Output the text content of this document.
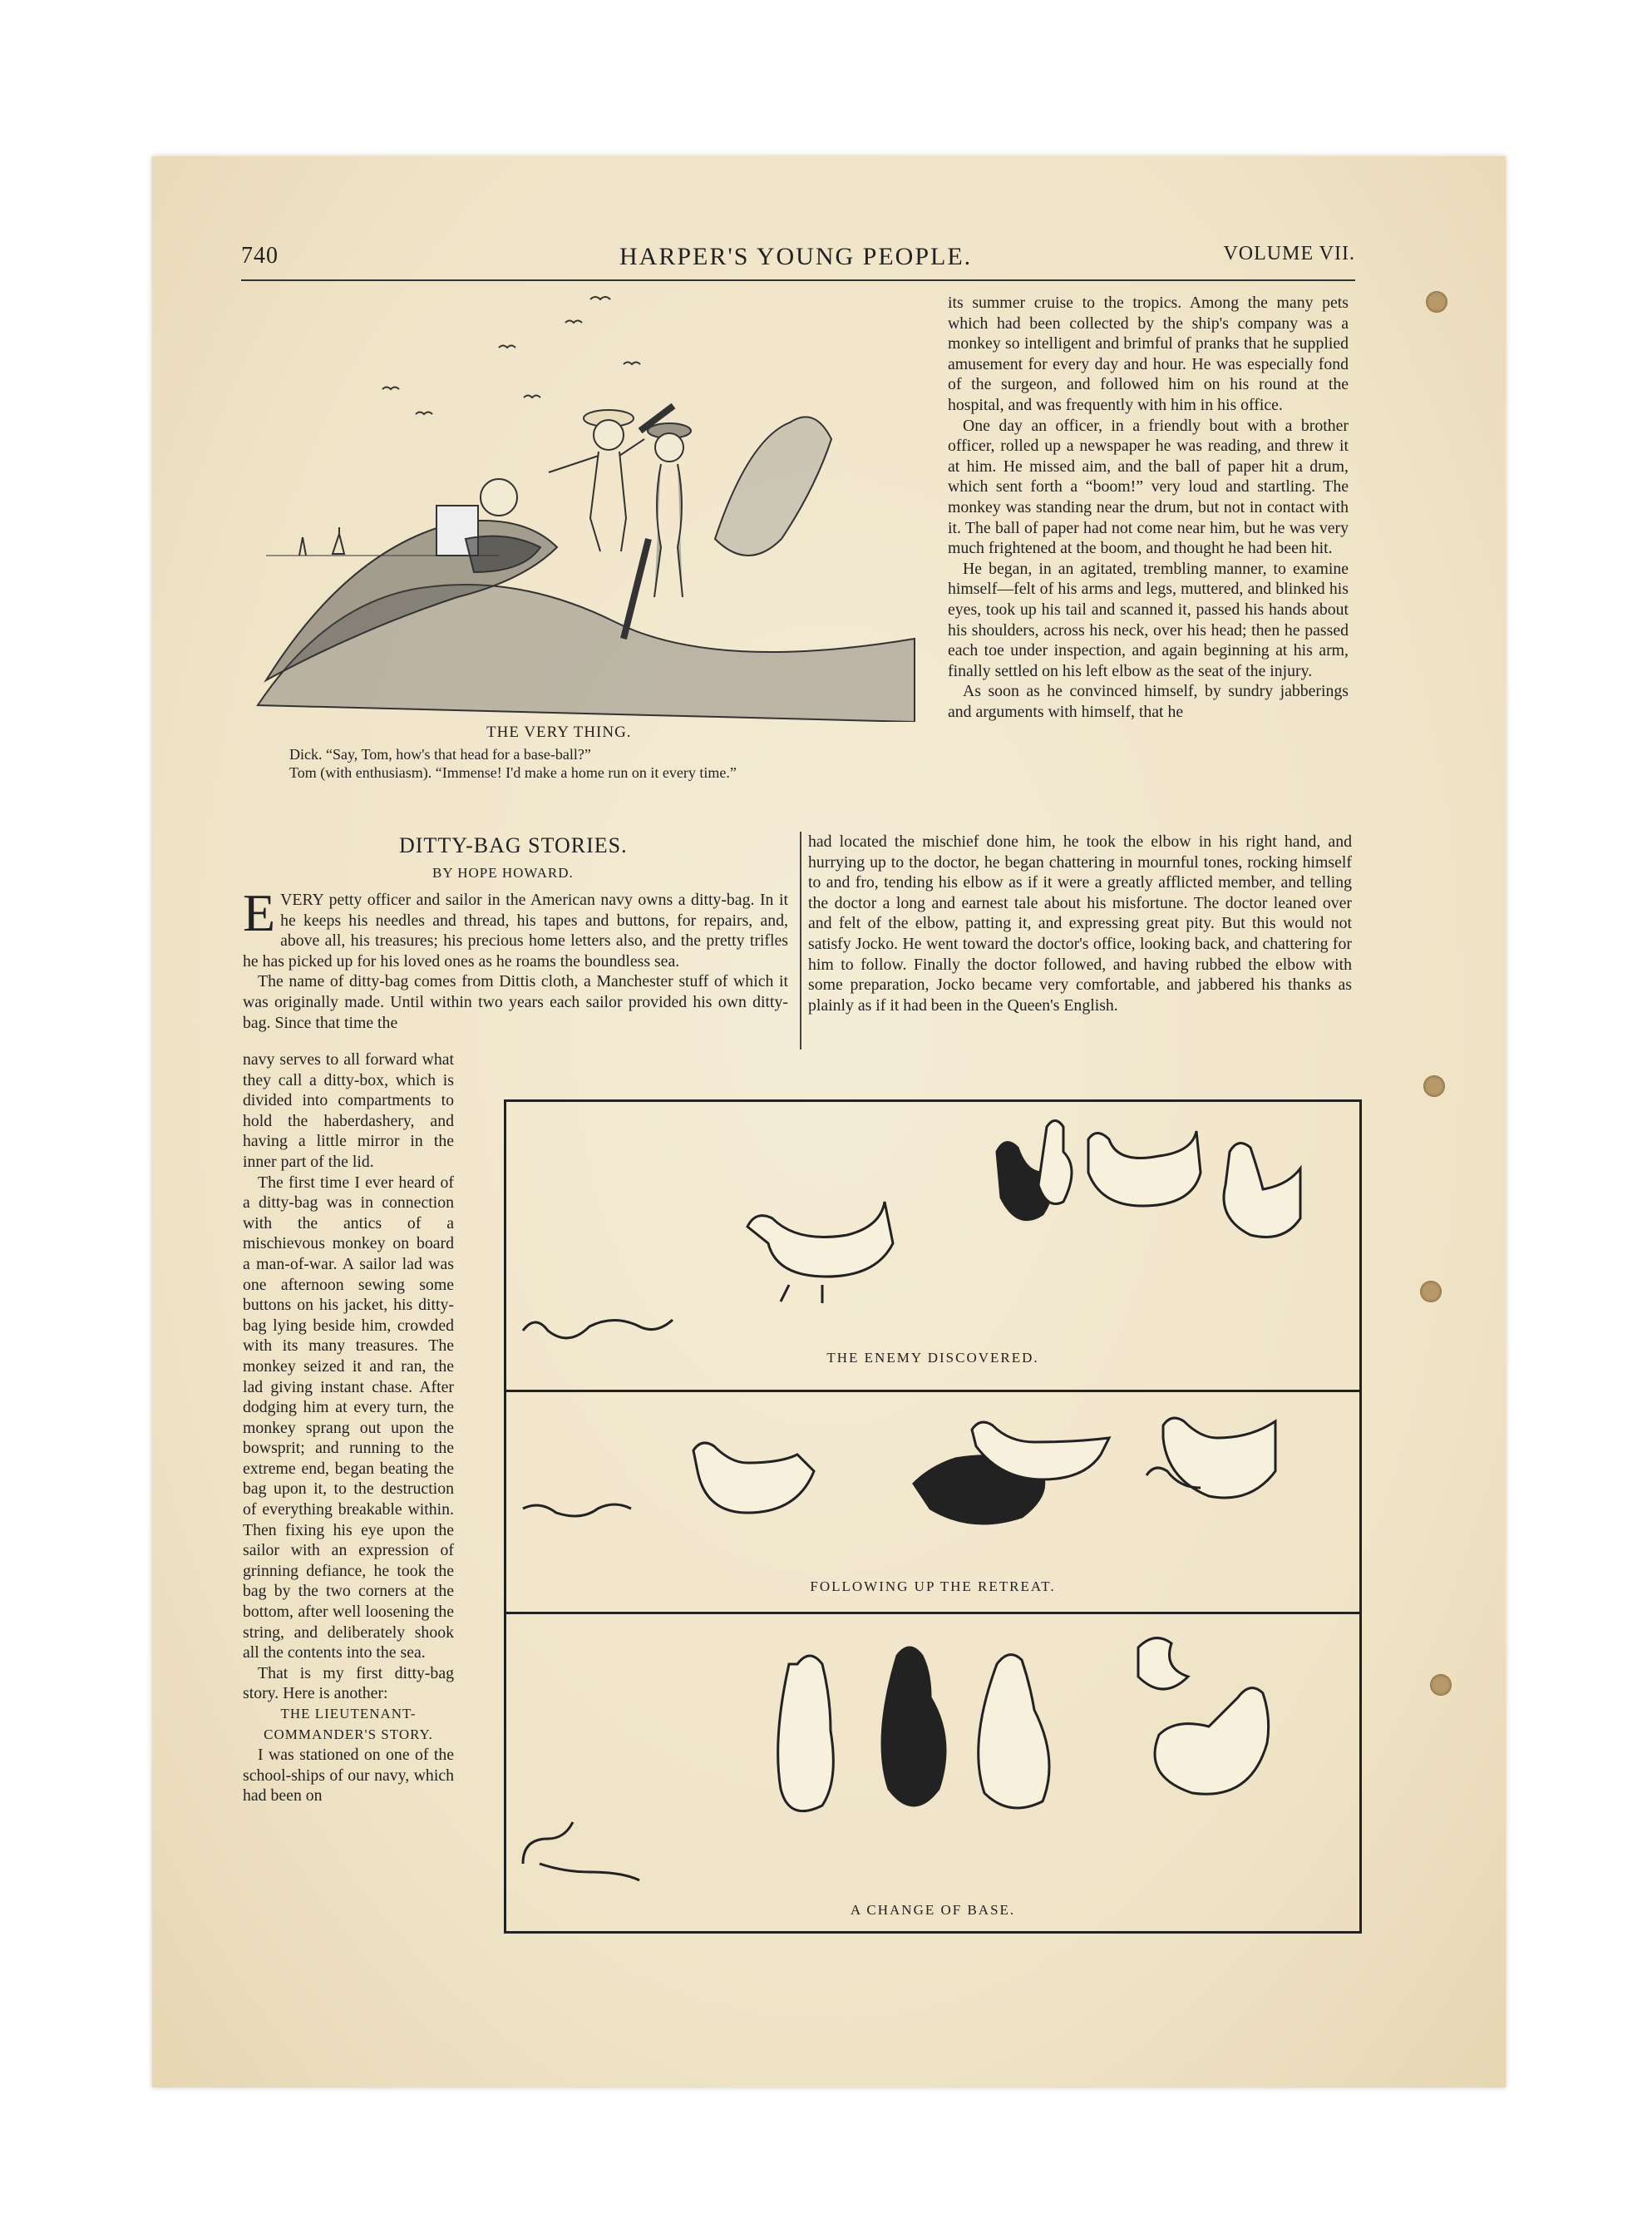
740	HARPER'S YOUNG PEOPLE.	VOLUME VII.
THE VERY THING.
Dick. “Say, Tom, how's that head for a base-ball?”
Tom (with enthusiasm). “Immense! I'd make a home run on it every time.”

its summer cruise to the tropics. Among the many pets which had been collected by the ship's company was a monkey so intelligent and brimful of pranks that he supplied amusement for every day and hour. He was especially fond of the surgeon, and followed him on his round at the hospital, and was frequently with him in his office.

One day an officer, in a friendly bout with a brother officer, rolled up a newspaper he was reading, and threw it at him. He missed aim, and the ball of paper hit a drum, which sent forth a “boom!” very loud and startling. The monkey was standing near the drum, but not in contact with it. The ball of paper had not come near him, but he was very much frightened at the boom, and thought he had been hit.

He began, in an agitated, trembling manner, to examine himself—felt of his arms and legs, muttered, and blinked his eyes, took up his tail and scanned it, passed his hands about his shoulders, across his neck, over his head; then he passed each toe under inspection, and again beginning at his arm, finally settled on his left elbow as the seat of the injury.

As soon as he convinced himself, by sundry jabberings and arguments with himself, that he

DITTY-BAG STORIES.
BY HOPE HOWARD.

EVERY petty officer and sailor in the American navy owns a ditty-bag. In it he keeps his needles and thread, his tapes and buttons, for repairs, and, above all, his treasures; his precious home letters also, and the pretty trifles he has picked up for his loved ones as he roams the boundless sea.

The name of ditty-bag comes from Dittis cloth, a Manchester stuff of which it was originally made. Until within two years each sailor provided his own ditty-bag. Since that time the

had located the mischief done him, he took the elbow in his right hand, and hurrying up to the doctor, he began chattering in mournful tones, rocking himself to and fro, tending his elbow as if it were a greatly afflicted member, and telling the doctor a long and earnest tale about his misfortune. The doctor leaned over and felt of the elbow, patting it, and expressing great pity. But this would not satisfy Jocko. He went toward the doctor's office, looking back, and chattering for him to follow. Finally the doctor followed, and having rubbed the elbow with some preparation, Jocko became very comfortable, and jabbered his thanks as plainly as if it had been in the Queen's English.

navy serves to all forward what they call a ditty-box, which is divided into compartments to hold the haberdashery, and having a little mirror in the inner part of the lid.

The first time I ever heard of a ditty-bag was in connection with the antics of a mischievous monkey on board a man-of-war. A sailor lad was one afternoon sewing some buttons on his jacket, his ditty-bag lying beside him, crowded with its many treasures. The monkey seized it and ran, the lad giving instant chase. After dodging him at every turn, the monkey sprang out upon the bowsprit; and running to the extreme end, began beating the bag upon it, to the destruction of everything breakable within. Then fixing his eye upon the sailor with an expression of grinning defiance, he took the bag by the two corners at the bottom, after well loosening the string, and deliberately shook all the contents into the sea.

That is my first ditty-bag story. Here is another:

THE LIEUTENANT-COMMANDER'S STORY.

I was stationed on one of the school-ships of our navy, which had been on

THE ENEMY DISCOVERED.
FOLLOWING UP THE RETREAT.
A CHANGE OF BASE.
